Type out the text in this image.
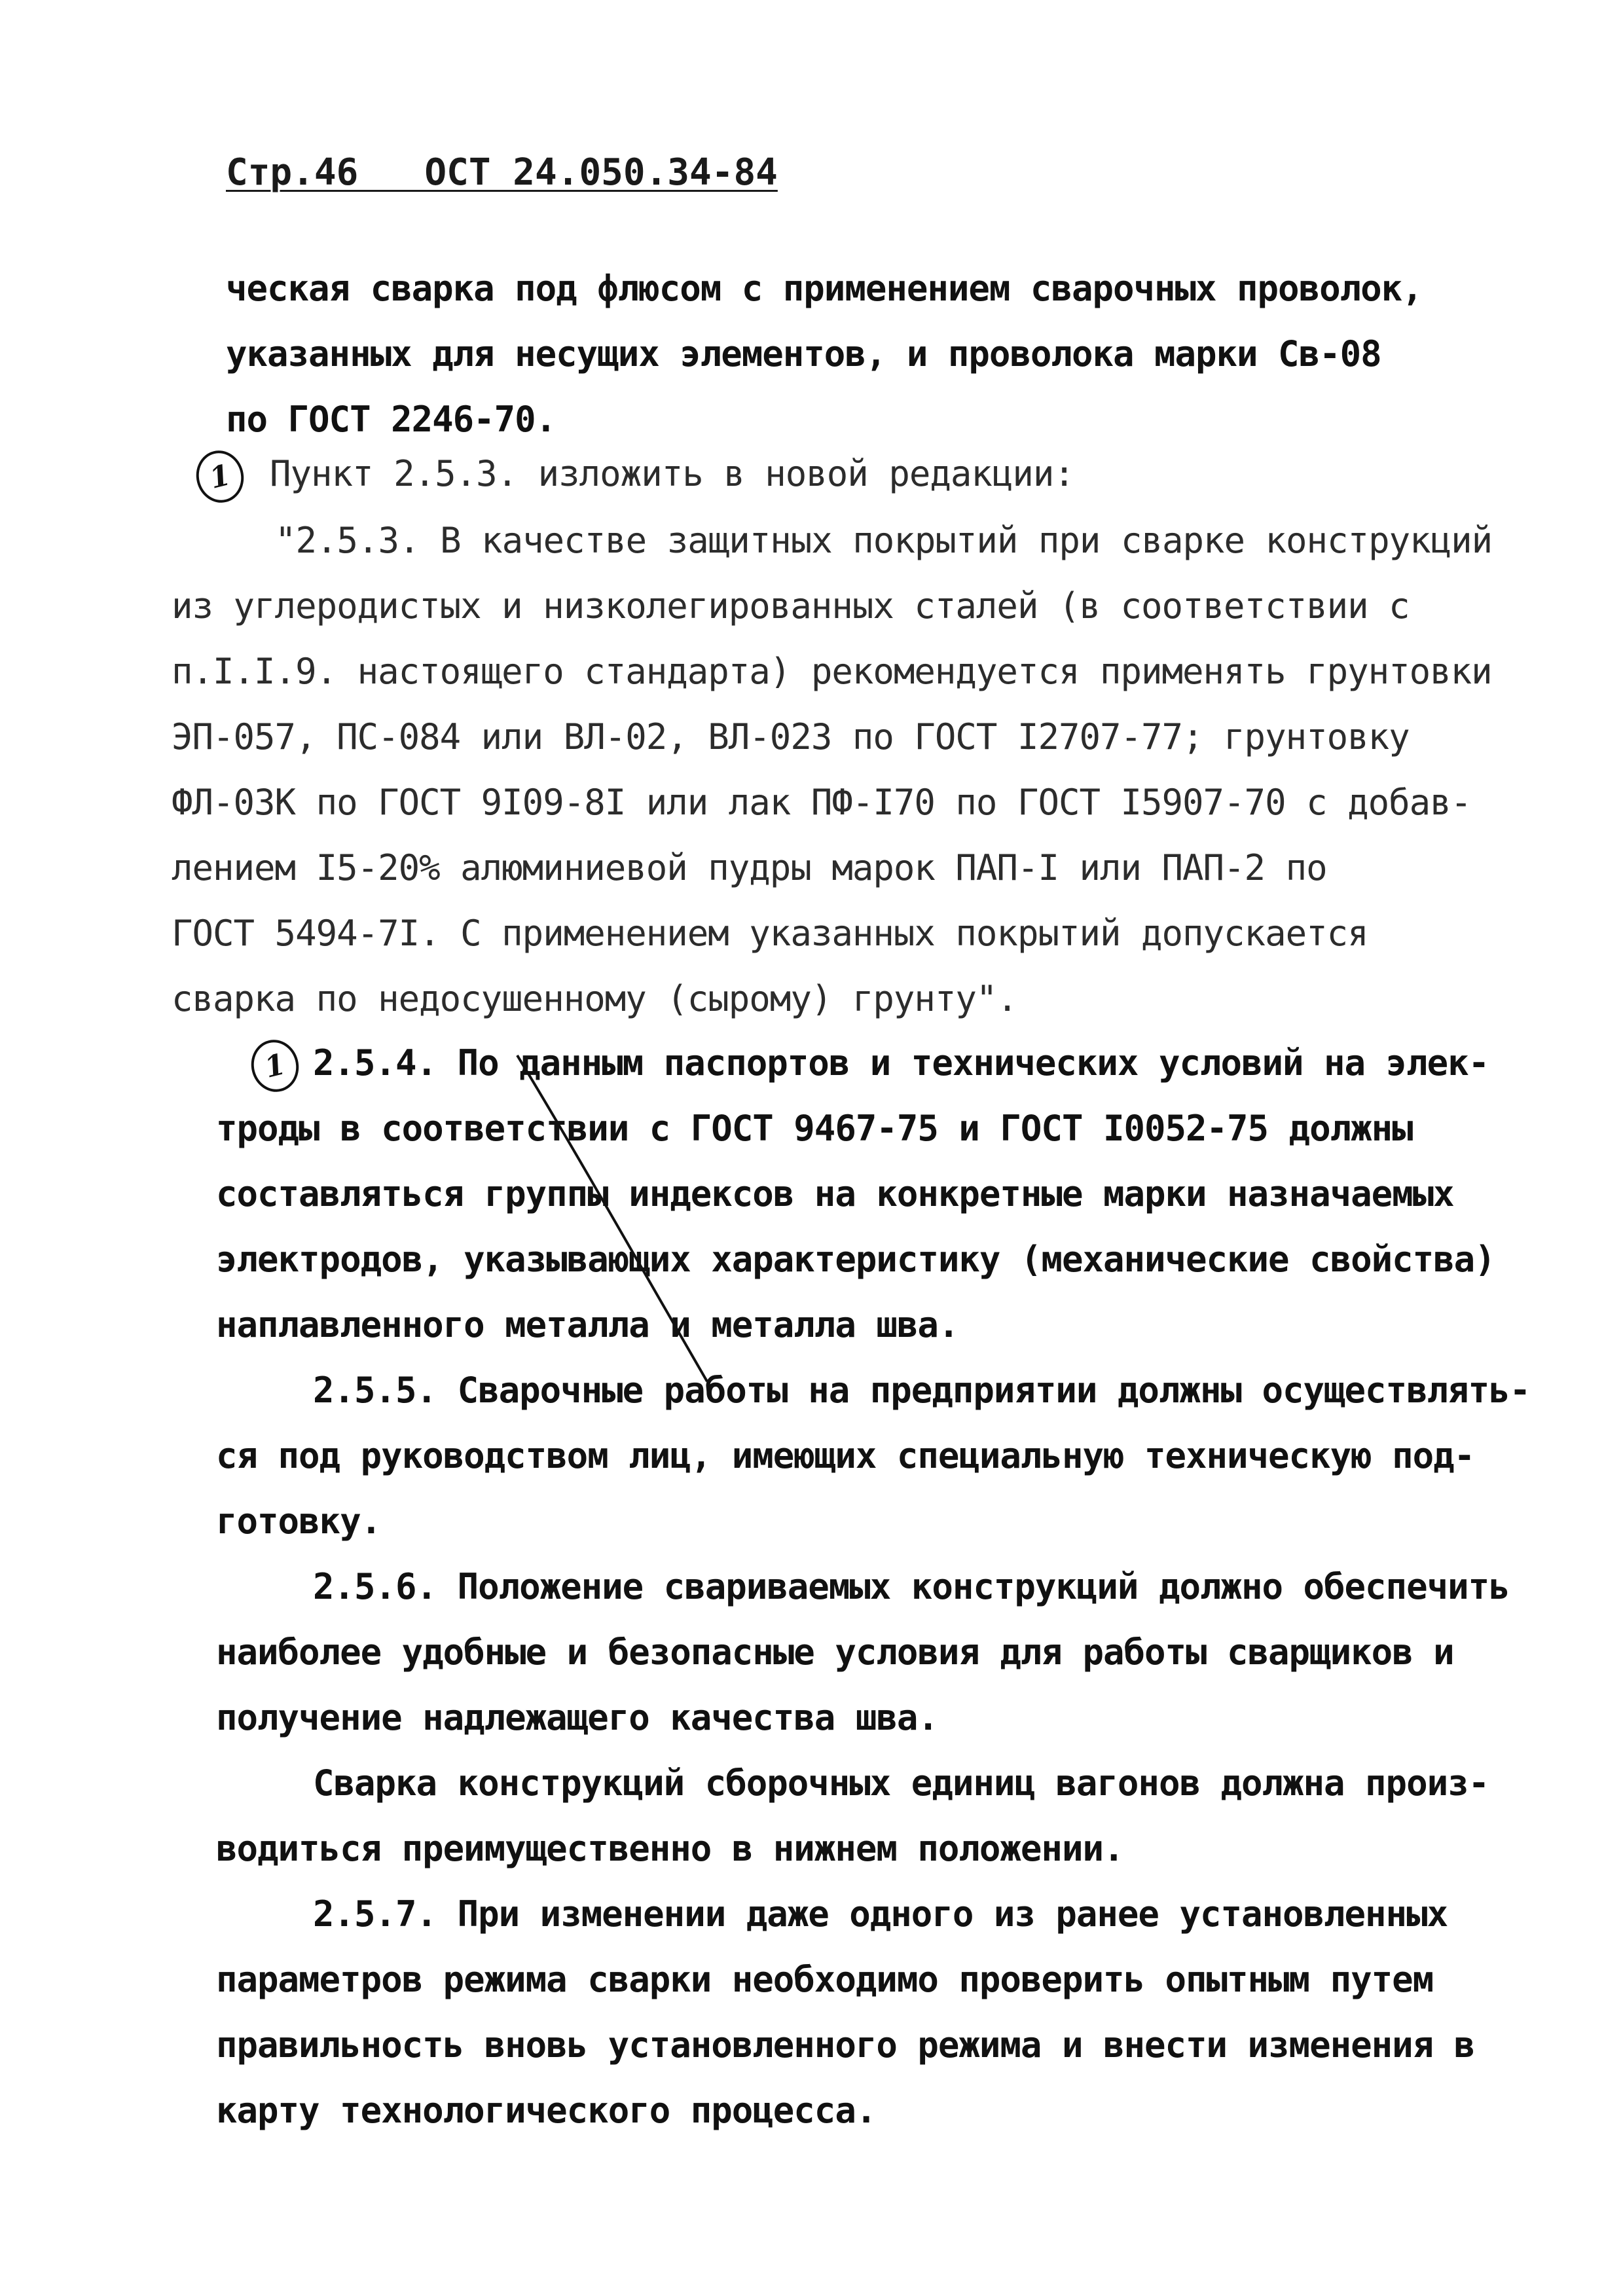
Стр.46   ОСТ 24.050.34-84
1
1

ческая сварка под флюсом с применением сварочных проволок,

указанных для несущих элементов, и проволока марки Св-08

по ГОСТ 2246-70.

Пункт 2.5.3. изложить в новой редакции:

"2.5.3. В качестве защитных покрытий при сварке конструкций

из углеродистых и низколегированных сталей (в соответствии с

п.I.I.9. настоящего стандарта) рекомендуется применять грунтовки

ЭП-057, ПС-084 или ВЛ-02, ВЛ-023 по ГОСТ I2707-77; грунтовку

ФЛ-03К по ГОСТ 9I09-8I или лак ПФ-I70 по ГОСТ I5907-70 с добав-

лением I5-20% алюминиевой пудры марок ПАП-I или ПАП-2 по

ГОСТ 5494-7I. С применением указанных покрытий допускается

сварка по недосушенному (сырому) грунту".

2.5.4. По данным паспортов и технических условий на элек-

троды в соответствии с ГОСТ 9467-75 и ГОСТ I0052-75 должны

составляться группы индексов на конкретные марки назначаемых

электродов, указывающих характеристику (механические свойства)

наплавленного металла и металла шва.

2.5.5. Сварочные работы на предприятии должны осуществлять-

ся под руководством лиц, имеющих специальную техническую под-

готовку.

2.5.6. Положение свариваемых конструкций должно обеспечить

наиболее удобные и безопасные условия для работы сварщиков и

получение надлежащего качества шва.

Сварка конструкций сборочных единиц вагонов должна произ-

водиться преимущественно в нижнем положении.

2.5.7. При изменении даже одного из ранее установленных

параметров режима сварки необходимо проверить опытным путем

правильность вновь установленного режима и внести изменения в

карту технологического процесса.
